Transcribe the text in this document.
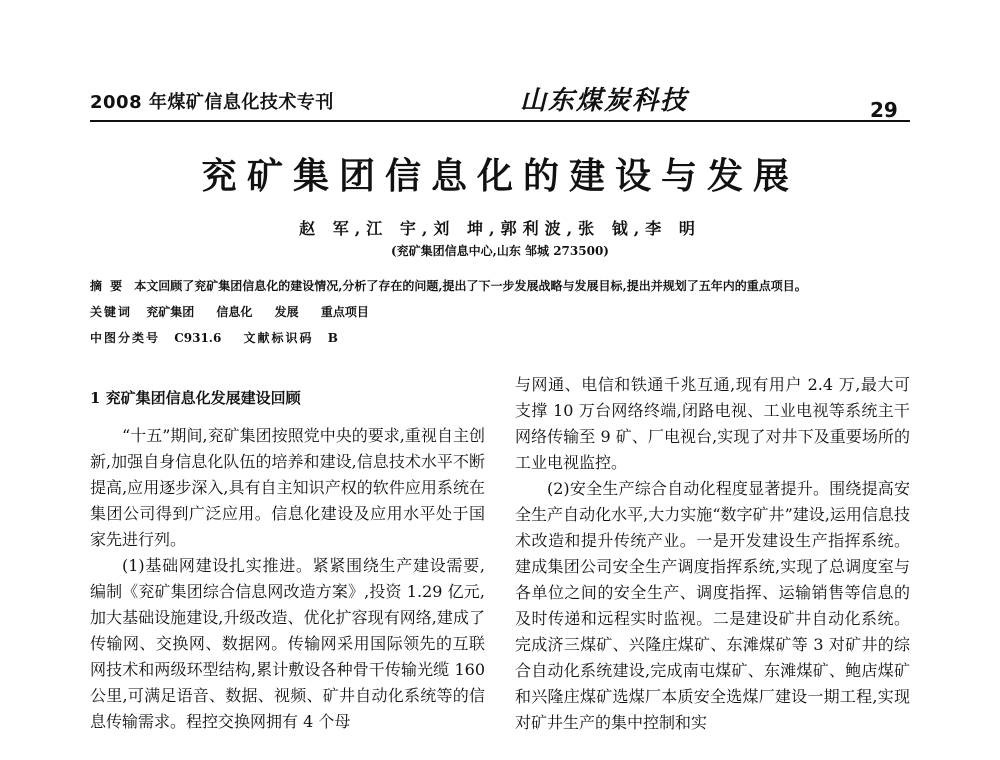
2008 年煤矿信息化技术专刊	山东煤炭科技	29
兖矿集团信息化的建设与发展
赵 军,江 宇,刘 坤,郭利波,张 钺,李 明
(兖矿集团信息中心,山东 邹城 273500)
摘 要 本文回顾了兖矿集团信息化的建设情况,分析了存在的问题,提出了下一步发展战略与发展目标,提出并规划了五年内的重点项目。
关键词 兖矿集团 信息化 发展 重点项目
中图分类号 C931.6 文献标识码 B
1 兖矿集团信息化发展建设回顾

“十五”期间,兖矿集团按照党中央的要求,重视自主创新,加强自身信息化队伍的培养和建设,信息技术水平不断提高,应用逐步深入,具有自主知识产权的软件应用系统在集团公司得到广泛应用。信息化建设及应用水平处于国家先进行列。

(1)基础网建设扎实推进。紧紧围绕生产建设需要,编制《兖矿集团综合信息网改造方案》,投资 1.29 亿元,加大基础设施建设,升级改造、优化扩容现有网络,建成了传输网、交换网、数据网。传输网采用国际领先的互联网技术和两级环型结构,累计敷设各种骨干传输光缆 160 公里,可满足语音、数据、视频、矿井自动化系统等的信息传输需求。程控交换网拥有 4 个母

与网通、电信和铁通千兆互通,现有用户 2.4 万,最大可支撑 10 万台网络终端,闭路电视、工业电视等系统主干网络传输至 9 矿、厂电视台,实现了对井下及重要场所的工业电视监控。

(2)安全生产综合自动化程度显著提升。围绕提高安全生产自动化水平,大力实施“数字矿井”建设,运用信息技术改造和提升传统产业。一是开发建设生产指挥系统。建成集团公司安全生产调度指挥系统,实现了总调度室与各单位之间的安全生产、调度指挥、运输销售等信息的及时传递和远程实时监视。二是建设矿井自动化系统。完成济三煤矿、兴隆庄煤矿、东滩煤矿等 3 对矿井的综合自动化系统建设,完成南屯煤矿、东滩煤矿、鲍店煤矿和兴隆庄煤矿选煤厂本质安全选煤厂建设一期工程,实现对矿井生产的集中控制和实
